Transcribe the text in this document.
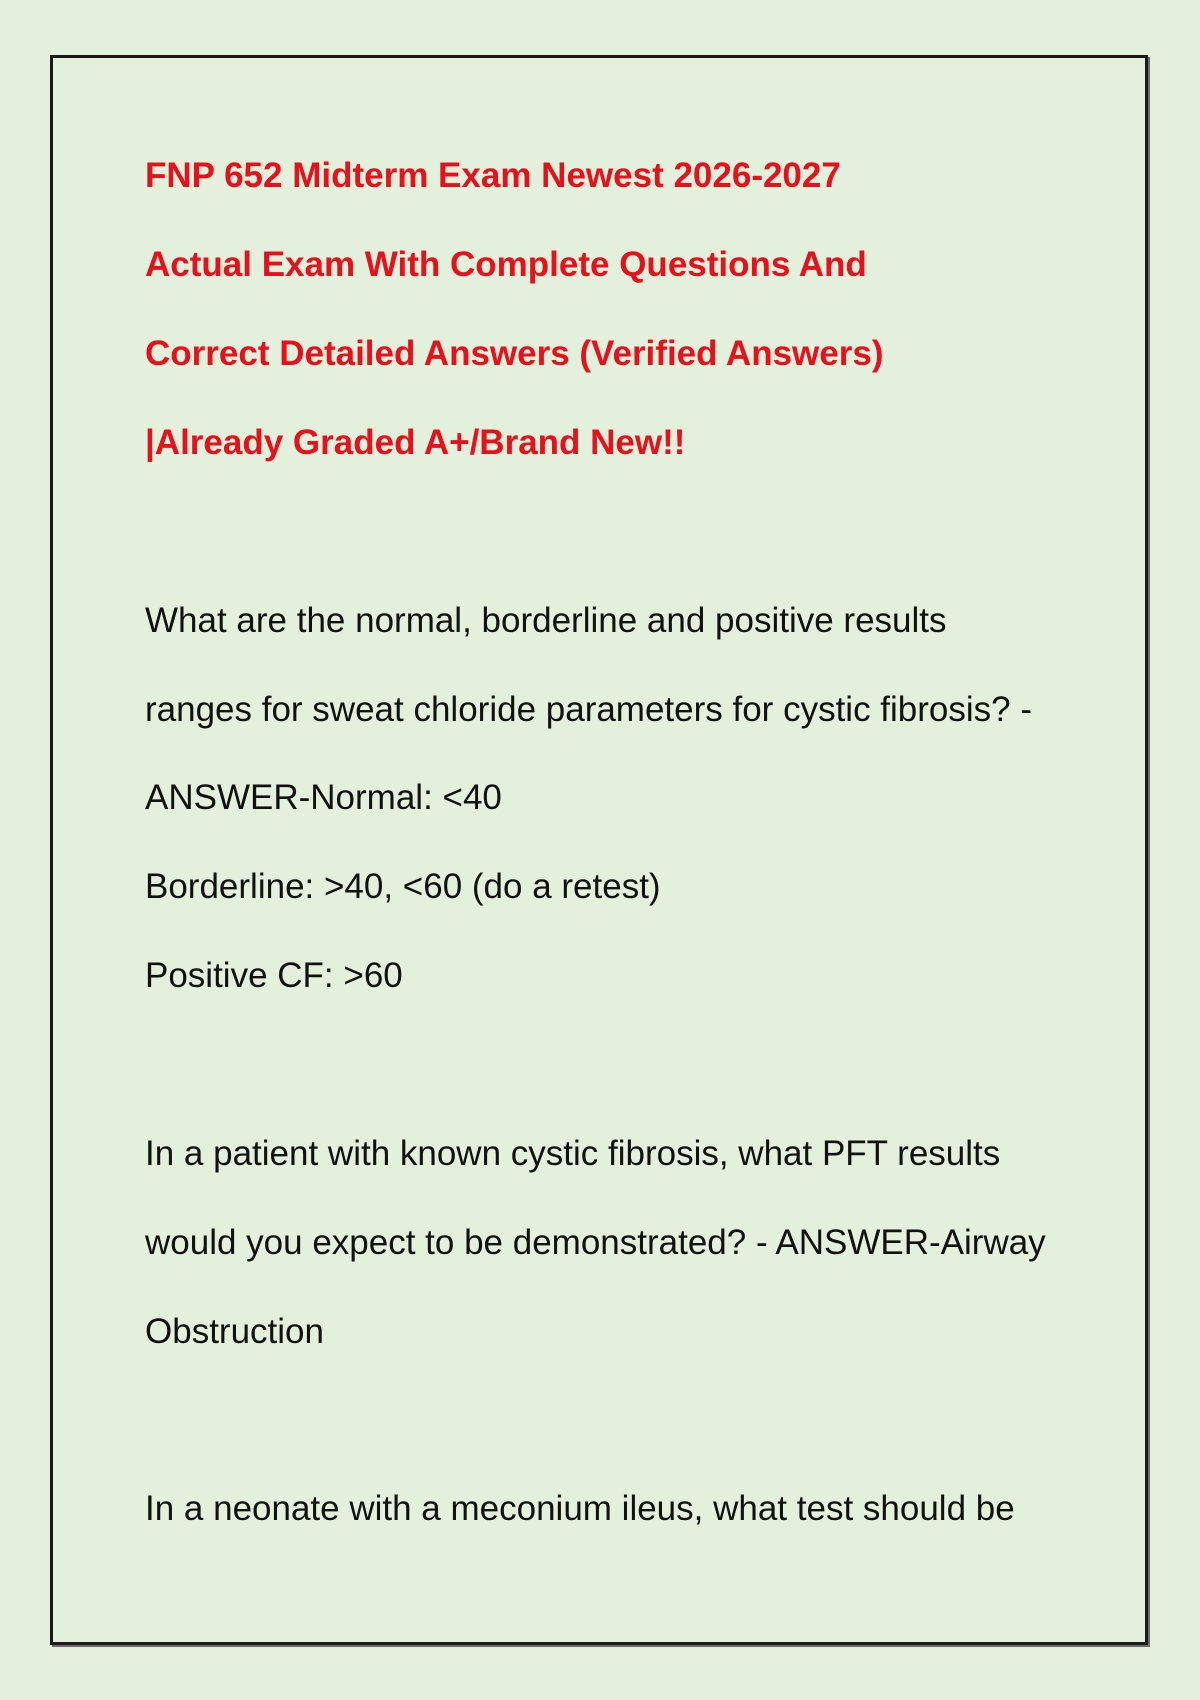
FNP 652 Midterm Exam Newest 2026-2027

Actual Exam With Complete Questions And

Correct Detailed Answers (Verified Answers)

|Already Graded A+/Brand New!!

What are the normal, borderline and positive results

ranges for sweat chloride parameters for cystic fibrosis? -

ANSWER-Normal: <40

Borderline: >40, <60 (do a retest)

Positive CF: >60

In a patient with known cystic fibrosis, what PFT results

would you expect to be demonstrated? - ANSWER-Airway

Obstruction

In a neonate with a meconium ileus, what test should be
